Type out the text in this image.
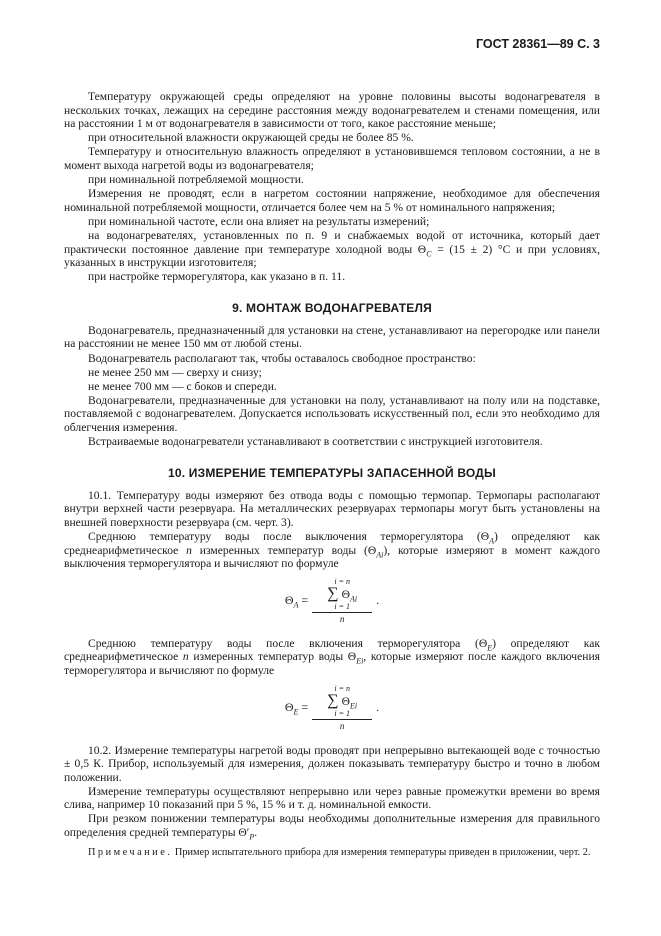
ГОСТ 28361—89 С. 3

Температуру окружающей среды определяют на уровне половины высоты водонагревателя в нескольких точках, лежащих на середине расстояния между водонагревателем и стенами помещения, или на расстоянии 1 м от водонагревателя в зависимости от того, какое расстояние меньше;

при относительной влажности окружающей среды не более 85 %.

Температуру и относительную влажность определяют в установившемся тепловом состоянии, а не в момент выхода нагретой воды из водонагревателя;

при номинальной потребляемой мощности.

Измерения не проводят, если в нагретом состоянии напряжение, необходимое для обеспечения номинальной потребляемой мощности, отличается более чем на 5 % от номинального напряжения;

при номинальной частоте, если она влияет на результаты измерений;

на водонагревателях, установленных по п. 9 и снабжаемых водой от источника, который дает практически постоянное давление при температуре холодной воды $\Theta_C = (15 \pm 2)$ °С и при условиях, указанных в инструкции изготовителя;

при настройке терморегулятора, как указано в п. 11.

9. МОНТАЖ ВОДОНАГРЕВАТЕЛЯ

Водонагреватель, предназначенный для установки на стене, устанавливают на перегородке или панели на расстоянии не менее 150 мм от любой стены.

Водонагреватель располагают так, чтобы оставалось свободное пространство:

не менее 250 мм — сверху и снизу;

не менее 700 мм — с боков и спереди.

Водонагреватели, предназначенные для установки на полу, устанавливают на полу или на подставке, поставляемой с водонагревателем. Допускается использовать искусственный пол, если это необходимо для облегчения измерения.

Встраиваемые водонагреватели устанавливают в соответствии с инструкцией изготовителя.

10. ИЗМЕРЕНИЕ ТЕМПЕРАТУРЫ ЗАПАСЕННОЙ ВОДЫ

10.1. Температуру воды измеряют без отвода воды с помощью термопар. Термопары располагают внутри верхней части резервуара. На металлических резервуарах термопары могут быть установлены на внешней поверхности резервуара (см. черт. 3).

Среднюю температуру воды после выключения терморегулятора $(\Theta_A)$ определяют как среднеарифметическое n измеренных температур воды $(\Theta_{Ai})$, которые измеряют в момент каждого выключения терморегулятора и вычисляют по формуле

$\Theta_A$ =
i = n
∑ $\Theta_{Ai}$
i = 1
n
.

Среднюю температуру воды после включения терморегулятора $(\Theta_E)$ определяют как среднеарифметическое n измеренных температур воды $\Theta_{Ei}$, которые измеряют после каждого включения терморегулятора и вычисляют по формуле

$\Theta_E$ =
i = n
∑ $\Theta_{Ei}$
i = 1
n
.

10.2. Измерение температуры нагретой воды проводят при непрерывно вытекающей воде с точностью ± 0,5 К. Прибор, используемый для измерения, должен показывать температуру быстро и точно в любом положении.

Измерение температуры осуществляют непрерывно или через равные промежутки времени во время слива, например 10 показаний при 5 %, 15 % и т. д. номинальной емкости.

При резком понижении температуры воды необходимы дополнительные измерения для правильного определения средней температуры $\Theta'_P$.

Примечание. Пример испытательного прибора для измерения температуры приведен в приложении, черт. 2.
